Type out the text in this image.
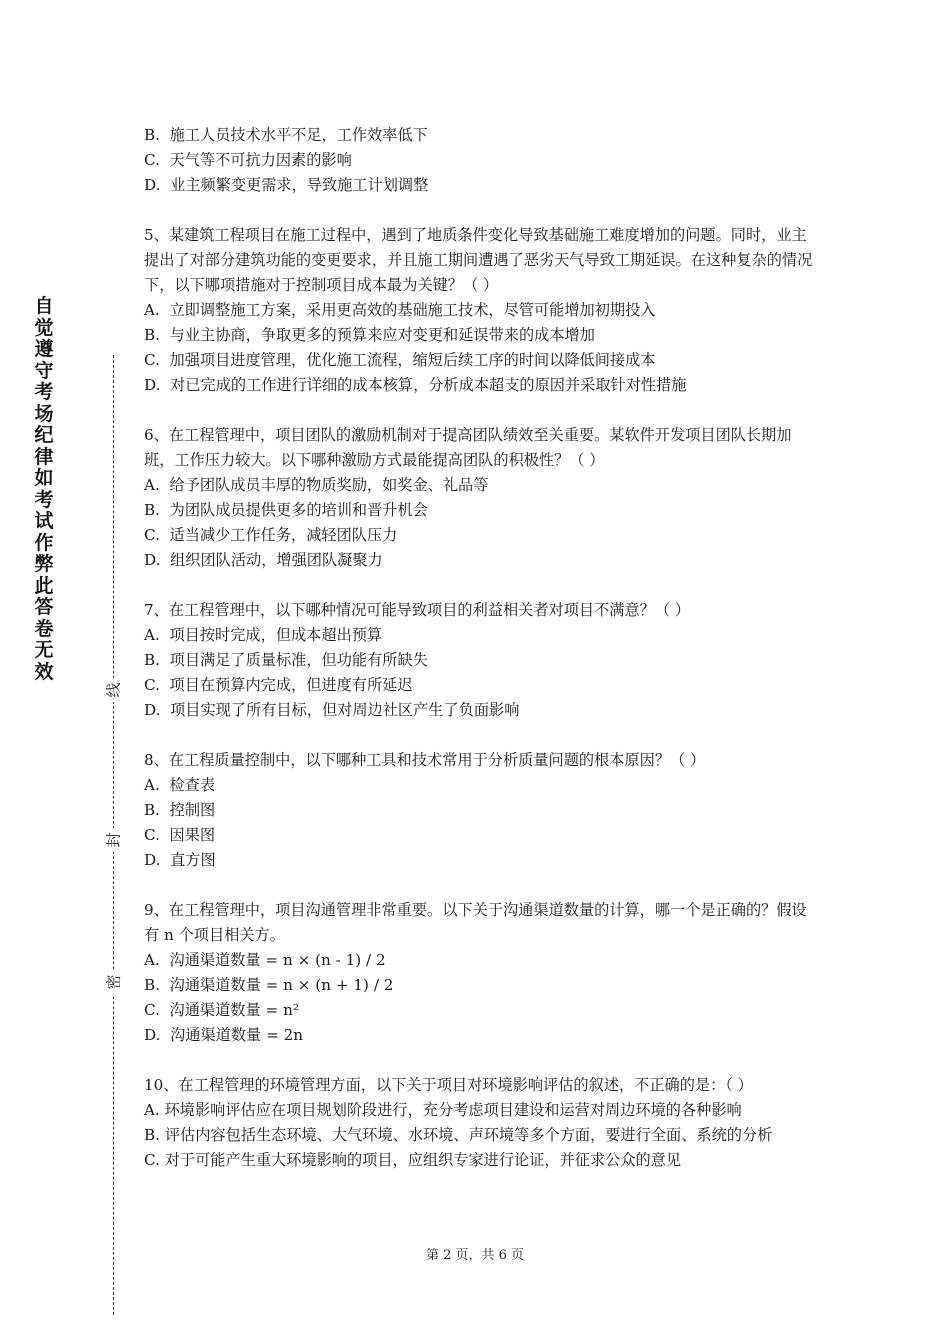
自觉遵守考场纪律如考试作弊此答卷无效
线
封
密
B.  施工人员技术水平不足，工作效率低下
C.  天气等不可抗力因素的影响
D.  业主频繁变更需求，导致施工计划调整
5、某建筑工程项目在施工过程中，遇到了地质条件变化导致基础施工难度增加的问题。同时，业主提出了对部分建筑功能的变更要求，并且施工期间遭遇了恶劣天气导致工期延误。在这种复杂的情况下，以下哪项措施对于控制项目成本最为关键？（ ）
A.  立即调整施工方案，采用更高效的基础施工技术，尽管可能增加初期投入
B.  与业主协商，争取更多的预算来应对变更和延误带来的成本增加
C.  加强项目进度管理，优化施工流程，缩短后续工序的时间以降低间接成本
D.  对已完成的工作进行详细的成本核算，分析成本超支的原因并采取针对性措施
6、在工程管理中，项目团队的激励机制对于提高团队绩效至关重要。某软件开发项目团队长期加班，工作压力较大。以下哪种激励方式最能提高团队的积极性？（ ）
A.  给予团队成员丰厚的物质奖励，如奖金、礼品等
B.  为团队成员提供更多的培训和晋升机会
C.  适当减少工作任务，减轻团队压力
D.  组织团队活动，增强团队凝聚力
7、在工程管理中，以下哪种情况可能导致项目的利益相关者对项目不满意？（ ）
A.  项目按时完成，但成本超出预算
B.  项目满足了质量标准，但功能有所缺失
C.  项目在预算内完成，但进度有所延迟
D.  项目实现了所有目标，但对周边社区产生了负面影响
8、在工程质量控制中，以下哪种工具和技术常用于分析质量问题的根本原因？（ ）
A.  检查表
B.  控制图
C.  因果图
D.  直方图
9、在工程管理中，项目沟通管理非常重要。以下关于沟通渠道数量的计算，哪一个是正确的？假设有 n 个项目相关方。
A.  沟通渠道数量 = n × (n - 1) / 2
B.  沟通渠道数量 = n × (n + 1) / 2
C.  沟通渠道数量 = n²
D.  沟通渠道数量 = 2n
10、在工程管理的环境管理方面，以下关于项目对环境影响评估的叙述，不正确的是：（ ）
A. 环境影响评估应在项目规划阶段进行，充分考虑项目建设和运营对周边环境的各种影响
B. 评估内容包括生态环境、大气环境、水环境、声环境等多个方面，要进行全面、系统的分析
C. 对于可能产生重大环境影响的项目，应组织专家进行论证，并征求公众的意见
第 2 页，共 6 页
